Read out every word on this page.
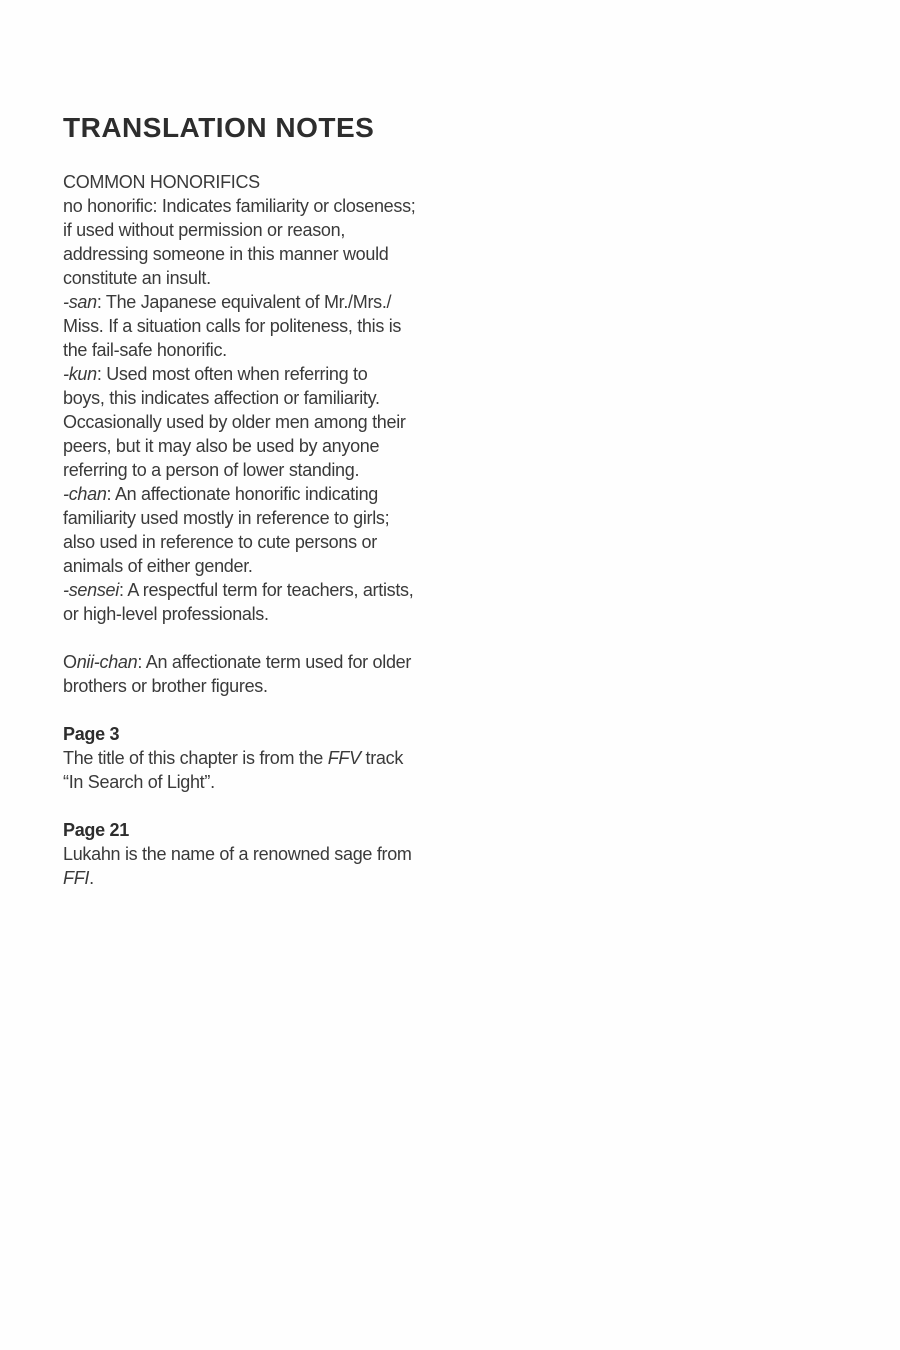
TRANSLATION NOTES
COMMON HONORIFICS
no honorific: Indicates familiarity or closeness;
if used without permission or reason,
addressing someone in this manner would
constitute an insult.
-san: The Japanese equivalent of Mr./Mrs./
Miss. If a situation calls for politeness, this is
the fail-safe honorific.
-kun: Used most often when referring to
boys, this indicates affection or familiarity.
Occasionally used by older men among their
peers, but it may also be used by anyone
referring to a person of lower standing.
-chan: An affectionate honorific indicating
familiarity used mostly in reference to girls;
also used in reference to cute persons or
animals of either gender.
-sensei: A respectful term for teachers, artists,
or high-level professionals.
Onii-chan: An affectionate term used for older
brothers or brother figures.
Page 3
The title of this chapter is from the FFV track
“In Search of Light”.
Page 21
Lukahn is the name of a renowned sage from
FFI.
